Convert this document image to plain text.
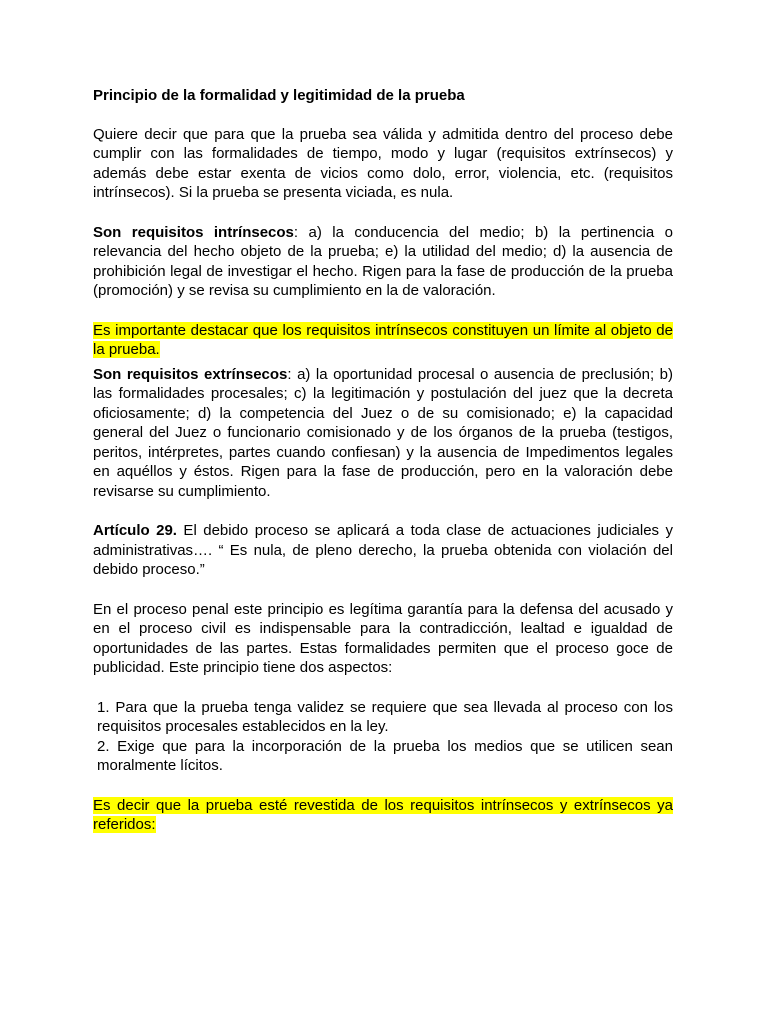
Principio de la formalidad y legitimidad de la prueba

Quiere decir que para que la prueba sea válida y admitida dentro del proceso debe cumplir con las formalidades de tiempo, modo y lugar (requisitos extrínsecos) y además debe estar exenta de vicios como dolo, error, violencia, etc. (requisitos intrínsecos). Si la prueba se presenta viciada, es nula.

Son requisitos intrínsecos: a) la conducencia del medio; b) la pertinencia o relevancia del hecho objeto de la prueba; e) la utilidad del medio; d) la ausencia de prohibición legal de investigar el hecho. Rigen para la fase de producción de la prueba (promoción) y se revisa su cumplimiento en la de valoración.

Es importante destacar que los requisitos intrínsecos constituyen un límite al objeto de la prueba.

Son requisitos extrínsecos: a) la oportunidad procesal o ausencia de preclusión; b) las formalidades procesales; c) la legitimación y postulación del juez que la decreta oficiosamente; d) la competencia del Juez o de su comisionado; e) la capacidad general del Juez o funcionario comisionado y de los órganos de la prueba (testigos, peritos, intérpretes, partes cuando confiesan) y la ausencia de Impedimentos legales en aquéllos y éstos. Rigen para la fase de producción, pero en la valoración debe revisarse su cumplimiento.

Artículo 29. El debido proceso se aplicará a toda clase de actuaciones judiciales y administrativas…. “ Es nula, de pleno derecho, la prueba obtenida con violación del debido proceso.”

En el proceso penal este principio es legítima garantía para la defensa del acusado y en el proceso civil es indispensable para la contradicción, lealtad e igualdad de oportunidades de las partes. Estas formalidades permiten que el proceso goce de publicidad. Este principio tiene dos aspectos:

1. Para que la prueba tenga validez se requiere que sea llevada al proceso con los requisitos procesales establecidos en la ley.

2. Exige que para la incorporación de la prueba los medios que se utilicen sean moralmente lícitos.

Es decir que la prueba esté revestida de los requisitos intrínsecos y extrínsecos ya referidos:
